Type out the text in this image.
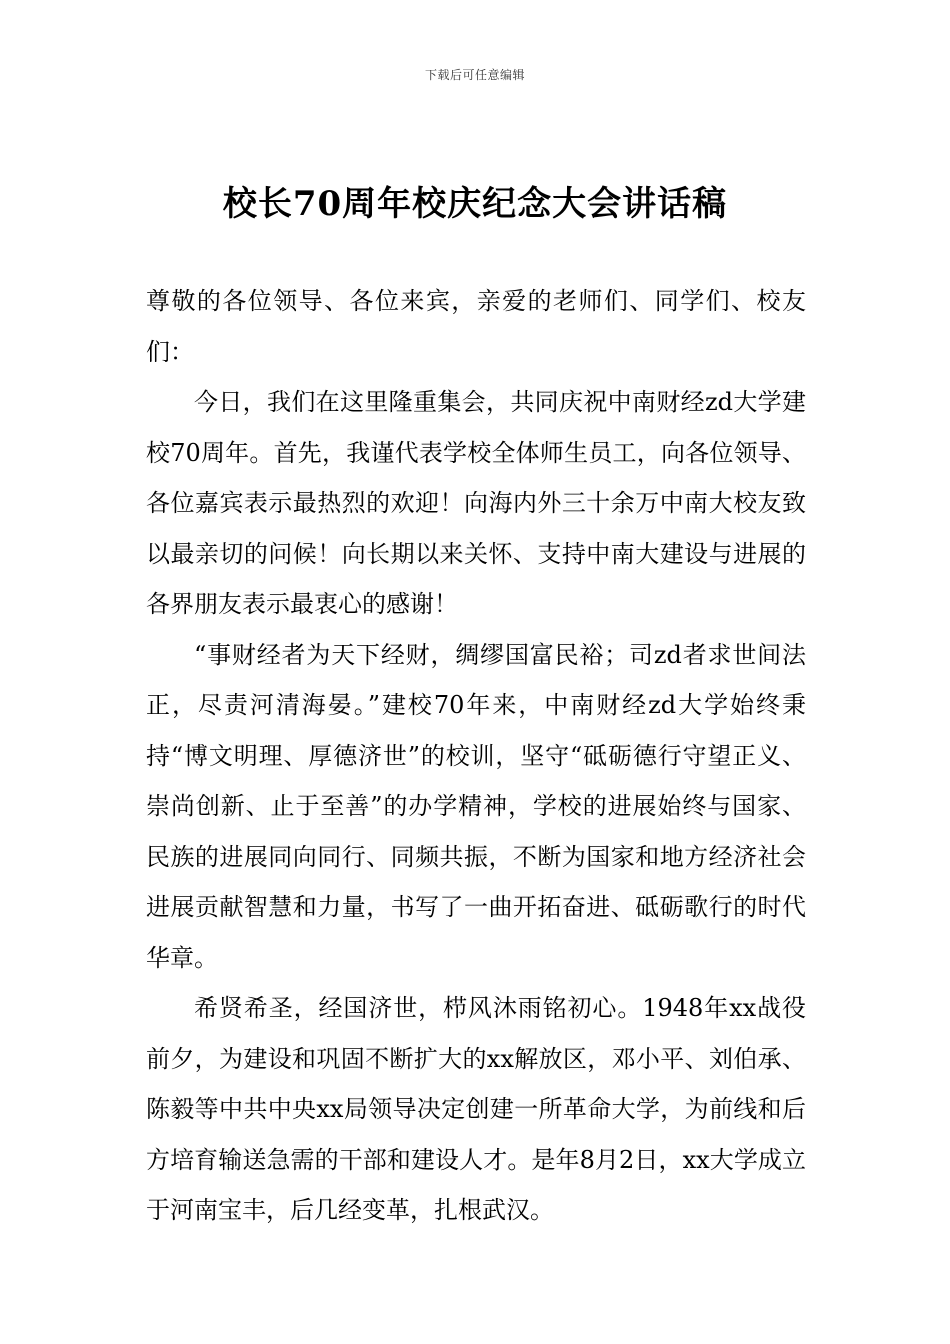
下载后可任意编辑
校长70周年校庆纪念大会讲话稿

尊敬的各位领导、各位来宾，亲爱的老师们、同学们、校友们：

今日，我们在这里隆重集会，共同庆祝中南财经zd大学建校70周年。首先，我谨代表学校全体师生员工，向各位领导、各位嘉宾表示最热烈的欢迎！向海内外三十余万中南大校友致以最亲切的问候！向长期以来关怀、支持中南大建设与进展的各界朋友表示最衷心的感谢！

“事财经者为天下经财，绸缪国富民裕；司zd者求世间法正，尽责河清海晏。”建校70年来，中南财经zd大学始终秉持“博文明理、厚德济世”的校训，坚守“砥砺德行守望正义、崇尚创新、止于至善”的办学精神，学校的进展始终与国家、民族的进展同向同行、同频共振，不断为国家和地方经济社会进展贡献智慧和力量，书写了一曲开拓奋进、砥砺歌行的时代华章。

希贤希圣，经国济世，栉风沐雨铭初心。1948年xx战役前夕，为建设和巩固不断扩大的xx解放区，邓小平、刘伯承、陈毅等中共中央xx局领导决定创建一所革命大学，为前线和后方培育输送急需的干部和建设人才。是年8月2日，xx大学成立于河南宝丰，后几经变革，扎根武汉。
